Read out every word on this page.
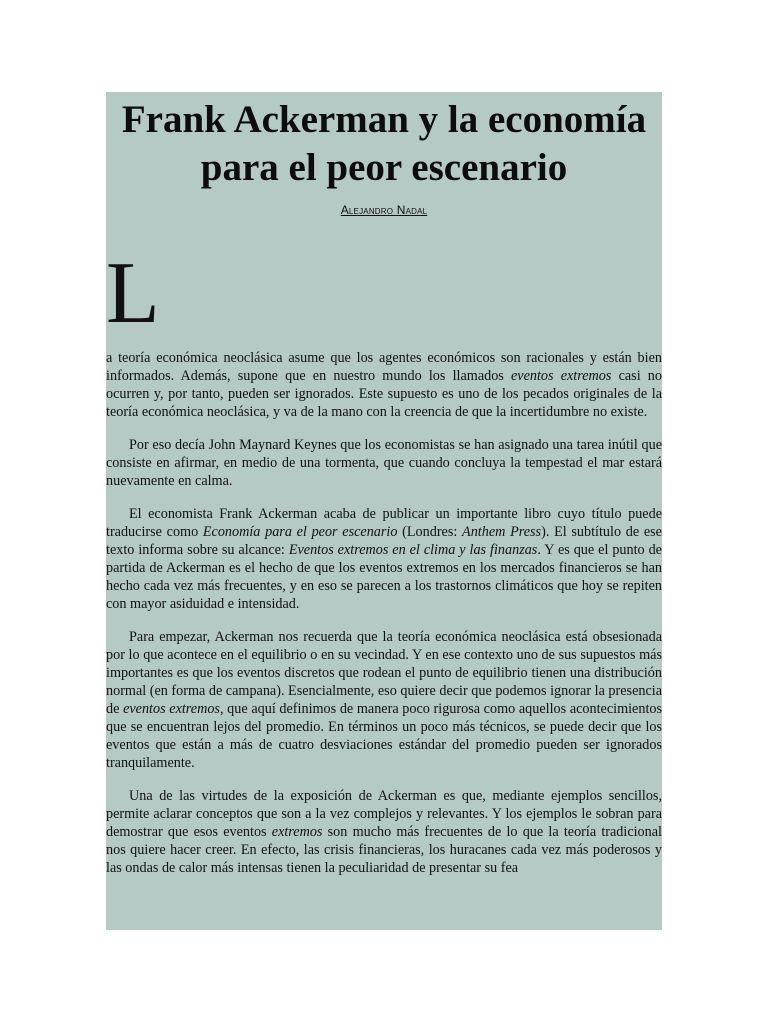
Frank Ackerman y la economía para el peor escenario
Alejandro Nadal
L

a teoría económica neoclásica asume que los agentes económicos son racionales y están bien informados. Además, supone que en nuestro mundo los llamados eventos extremos casi no ocurren y, por tanto, pueden ser ignorados. Este supuesto es uno de los pecados originales de la teoría económica neoclásica, y va de la mano con la creencia de que la incertidumbre no existe.

Por eso decía John Maynard Keynes que los economistas se han asignado una tarea inútil que consiste en afirmar, en medio de una tormenta, que cuando concluya la tempestad el mar estará nuevamente en calma.

El economista Frank Ackerman acaba de publicar un importante libro cuyo título puede traducirse como Economía para el peor escenario (Londres: Anthem Press). El subtítulo de ese texto informa sobre su alcance: Eventos extremos en el clima y las finanzas. Y es que el punto de partida de Ackerman es el hecho de que los eventos extremos en los mercados financieros se han hecho cada vez más frecuentes, y en eso se parecen a los trastornos climáticos que hoy se repiten con mayor asiduidad e intensidad.

Para empezar, Ackerman nos recuerda que la teoría económica neoclásica está obsesionada por lo que acontece en el equilibrio o en su vecindad. Y en ese contexto uno de sus supuestos más importantes es que los eventos discretos que rodean el punto de equilibrio tienen una distribución normal (en forma de campana). Esencialmente, eso quiere decir que podemos ignorar la presencia de eventos extremos, que aquí definimos de manera poco rigurosa como aquellos acontecimientos que se encuentran lejos del promedio. En términos un poco más técnicos, se puede decir que los eventos que están a más de cuatro desviaciones estándar del promedio pueden ser ignorados tranquilamente.

Una de las virtudes de la exposición de Ackerman es que, mediante ejemplos sencillos, permite aclarar conceptos que son a la vez complejos y relevantes. Y los ejemplos le sobran para demostrar que esos eventos extremos son mucho más frecuentes de lo que la teoría tradicional nos quiere hacer creer. En efecto, las crisis financieras, los huracanes cada vez más poderosos y las ondas de calor más intensas tienen la peculiaridad de presentar su fea
